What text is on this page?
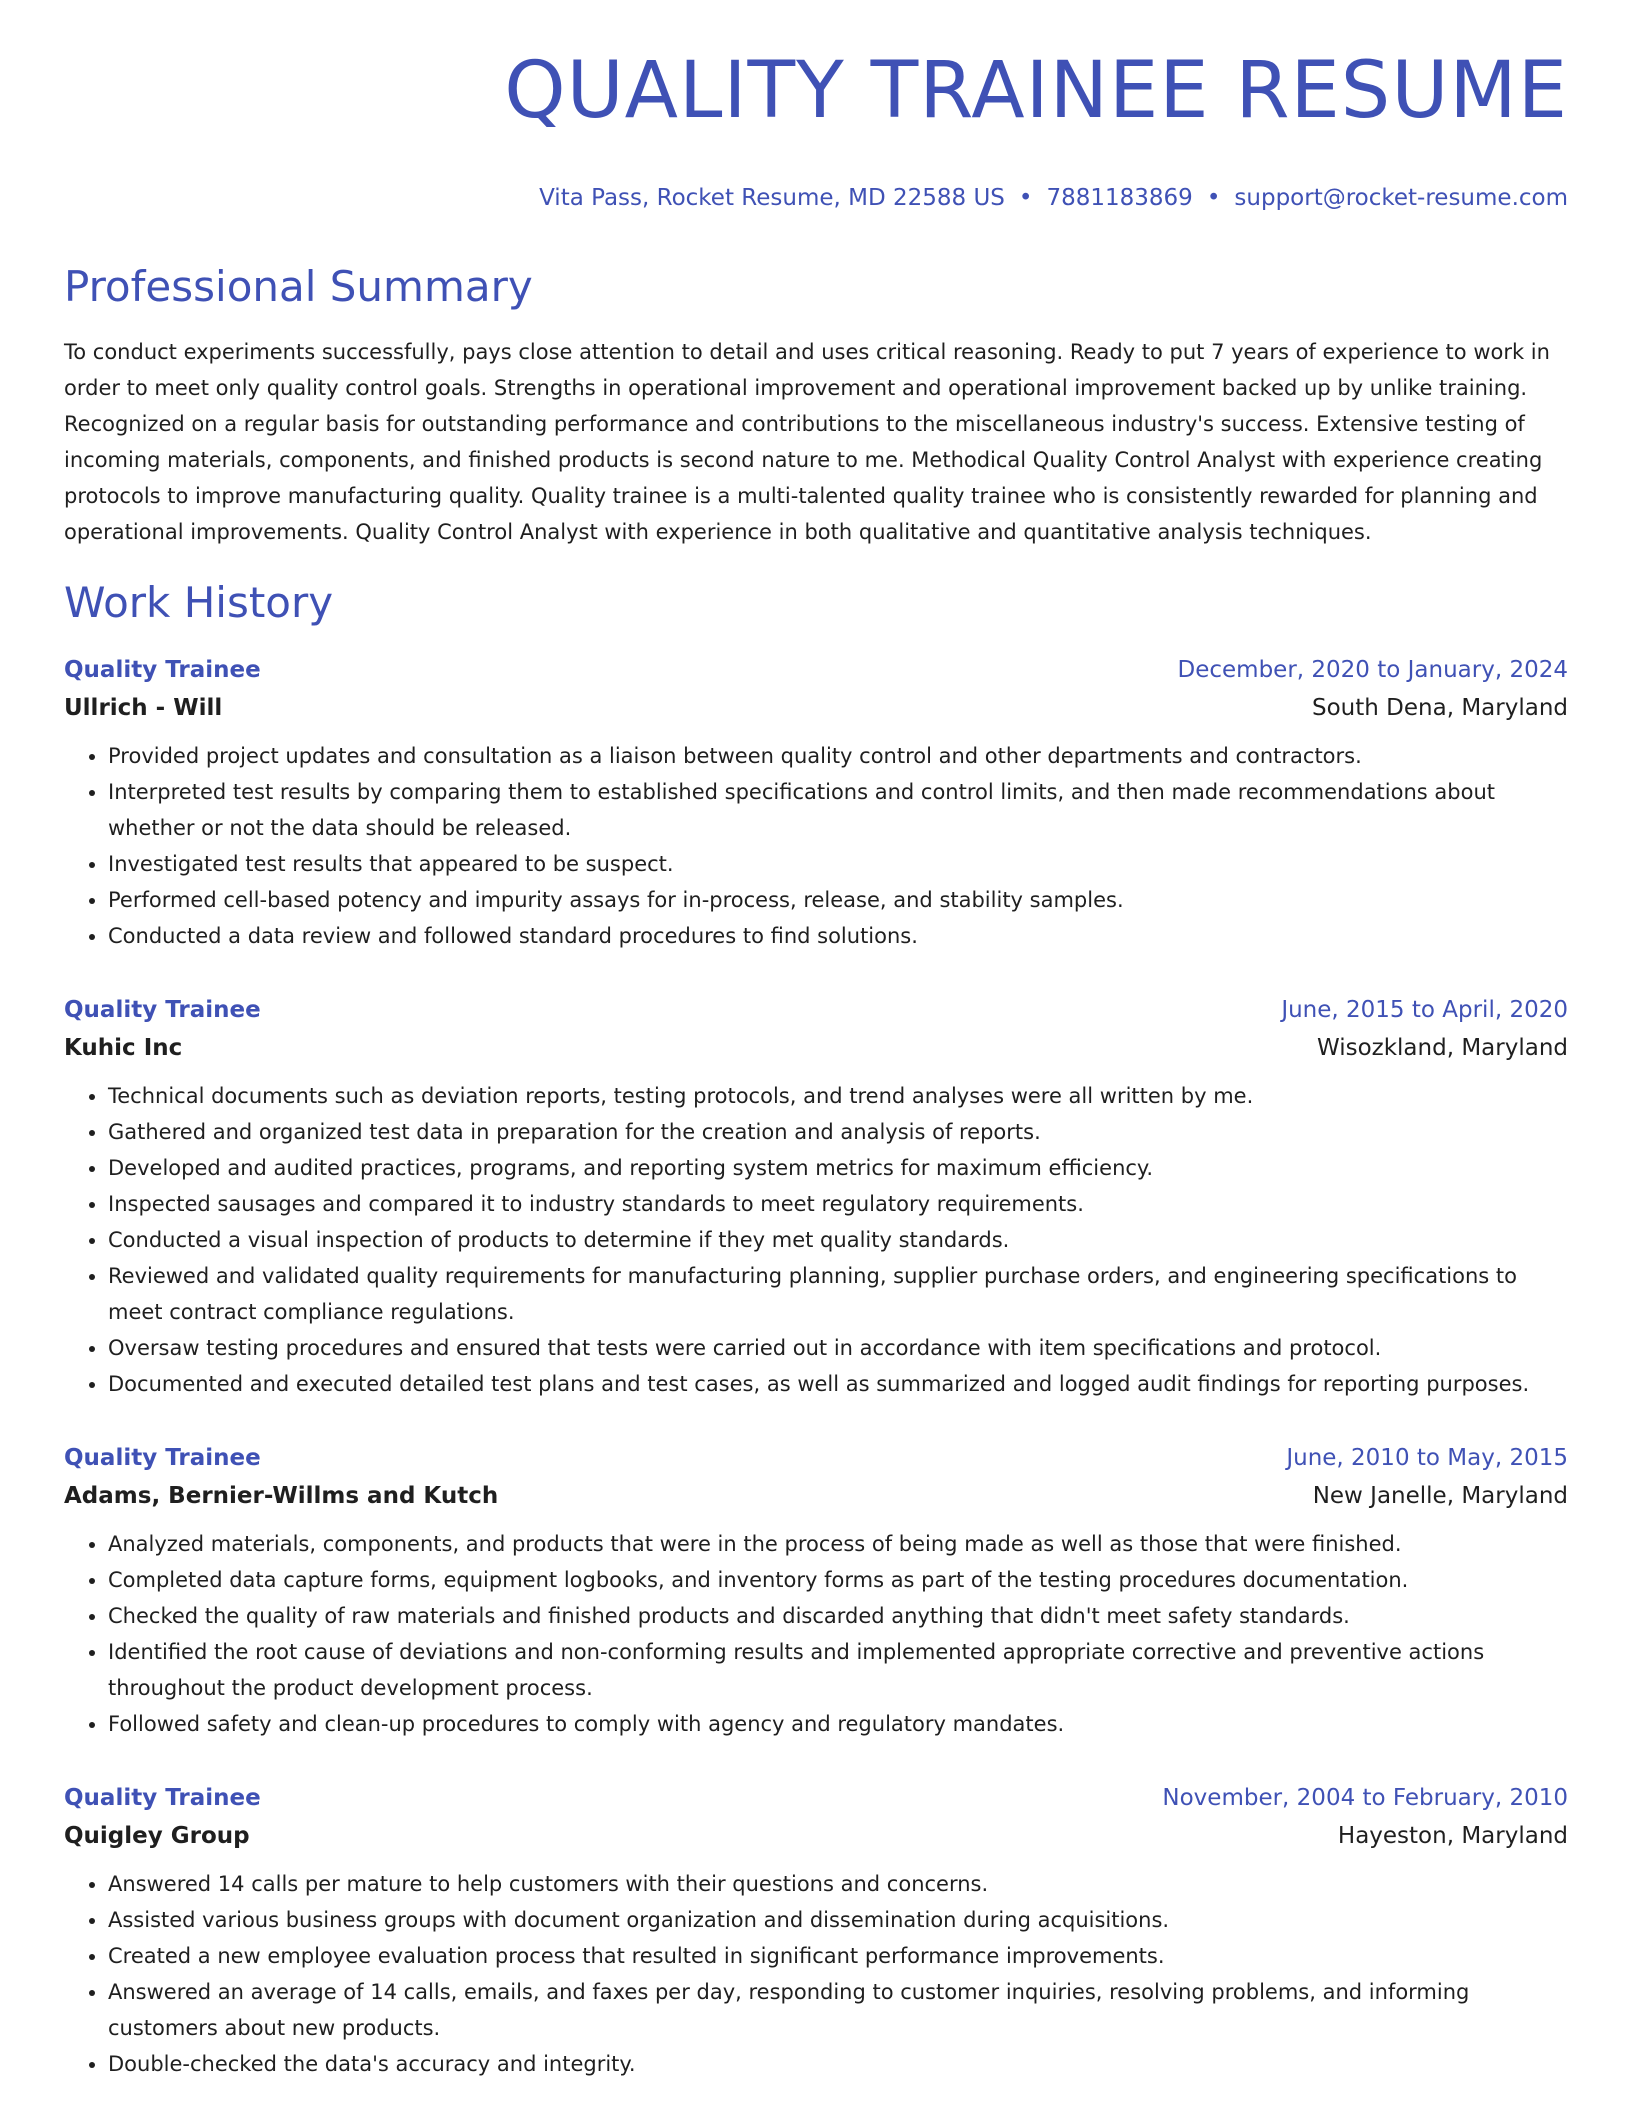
QUALITY TRAINEE RESUME
Vita Pass, Rocket Resume, MD 22588 US • 7881183869 • support@rocket-resume.com
Professional Summary

To conduct experiments successfully, pays close attention to detail and uses critical reasoning. Ready to put 7 years of experience to work in order to meet only quality control goals. Strengths in operational improvement and operational improvement backed up by unlike training. Recognized on a regular basis for outstanding performance and contributions to the miscellaneous industry's success. Extensive testing of incoming materials, components, and finished products is second nature to me. Methodical Quality Control Analyst with experience creating protocols to improve manufacturing quality. Quality trainee is a multi-talented quality trainee who is consistently rewarded for planning and operational improvements. Quality Control Analyst with experience in both qualitative and quantitative analysis techniques.

Work History
Quality Trainee	December, 2020 to January, 2024
Ullrich - Will	South Dena, Maryland
• Provided project updates and consultation as a liaison between quality control and other departments and contractors.
• Interpreted test results by comparing them to established specifications and control limits, and then made recommendations about whether or not the data should be released.
• Investigated test results that appeared to be suspect.
• Performed cell-based potency and impurity assays for in-process, release, and stability samples.
• Conducted a data review and followed standard procedures to find solutions.
Quality Trainee	June, 2015 to April, 2020
Kuhic Inc	Wisozkland, Maryland
• Technical documents such as deviation reports, testing protocols, and trend analyses were all written by me.
• Gathered and organized test data in preparation for the creation and analysis of reports.
• Developed and audited practices, programs, and reporting system metrics for maximum efficiency.
• Inspected sausages and compared it to industry standards to meet regulatory requirements.
• Conducted a visual inspection of products to determine if they met quality standards.
• Reviewed and validated quality requirements for manufacturing planning, supplier purchase orders, and engineering specifications to meet contract compliance regulations.
• Oversaw testing procedures and ensured that tests were carried out in accordance with item specifications and protocol.
• Documented and executed detailed test plans and test cases, as well as summarized and logged audit findings for reporting purposes.
Quality Trainee	June, 2010 to May, 2015
Adams, Bernier-Willms and Kutch	New Janelle, Maryland
• Analyzed materials, components, and products that were in the process of being made as well as those that were finished.
• Completed data capture forms, equipment logbooks, and inventory forms as part of the testing procedures documentation.
• Checked the quality of raw materials and finished products and discarded anything that didn't meet safety standards.
• Identified the root cause of deviations and non-conforming results and implemented appropriate corrective and preventive actions throughout the product development process.
• Followed safety and clean-up procedures to comply with agency and regulatory mandates.
Quality Trainee	November, 2004 to February, 2010
Quigley Group	Hayeston, Maryland
• Answered 14 calls per mature to help customers with their questions and concerns.
• Assisted various business groups with document organization and dissemination during acquisitions.
• Created a new employee evaluation process that resulted in significant performance improvements.
• Answered an average of 14 calls, emails, and faxes per day, responding to customer inquiries, resolving problems, and informing customers about new products.
• Double-checked the data's accuracy and integrity.
